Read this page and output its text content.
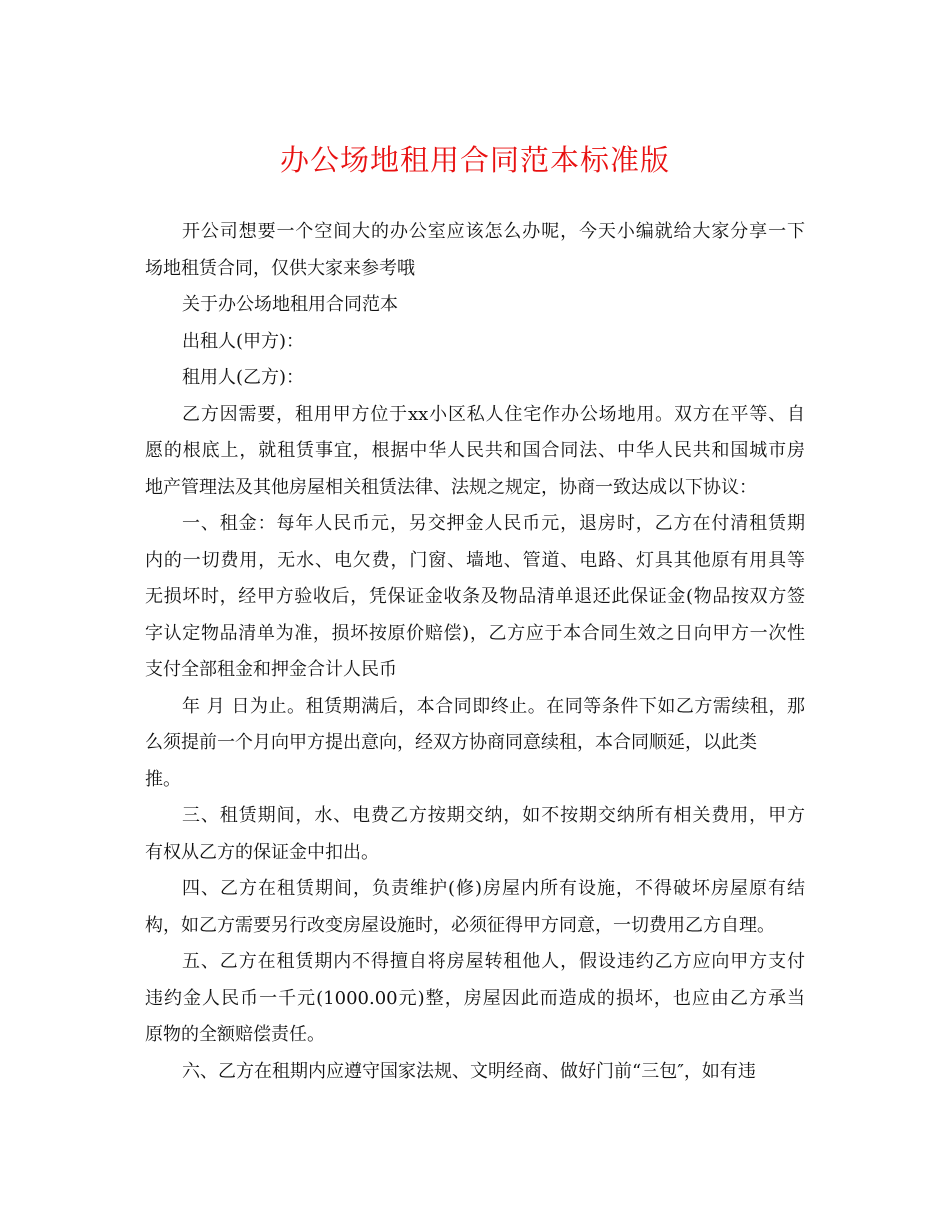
办公场地租用合同范本标准版
开公司想要一个空间大的办公室应该怎么办呢，今天小编就给大家分享一下
场地租赁合同，仅供大家来参考哦
关于办公场地租用合同范本
出租人(甲方)：
租用人(乙方)：
乙方因需要，租用甲方位于xx小区私人住宅作办公场地用。双方在平等、自
愿的根底上，就租赁事宜，根据中华人民共和国合同法、中华人民共和国城市房
地产管理法及其他房屋相关租赁法律、法规之规定，协商一致达成以下协议：
一、租金：每年人民币元，另交押金人民币元，退房时，乙方在付清租赁期
内的一切费用，无水、电欠费，门窗、墙地、管道、电路、灯具其他原有用具等
无损坏时，经甲方验收后，凭保证金收条及物品清单退还此保证金(物品按双方签
字认定物品清单为准，损坏按原价赔偿)，乙方应于本合同生效之日向甲方一次性
支付全部租金和押金合计人民币
年 月 日为止。租赁期满后，本合同即终止。在同等条件下如乙方需续租，那
么须提前一个月向甲方提出意向，经双方协商同意续租，本合同顺延，以此类
推。
三、租赁期间，水、电费乙方按期交纳，如不按期交纳所有相关费用，甲方
有权从乙方的保证金中扣出。
四、乙方在租赁期间，负责维护(修)房屋内所有设施，不得破坏房屋原有结
构，如乙方需要另行改变房屋设施时，必须征得甲方同意，一切费用乙方自理。
五、乙方在租赁期内不得擅自将房屋转租他人，假设违约乙方应向甲方支付
违约金人民币一千元(1000.00元)整，房屋因此而造成的损坏，也应由乙方承当
原物的全额赔偿责任。
六、乙方在租期内应遵守国家法规、文明经商、做好门前“三包″，如有违
